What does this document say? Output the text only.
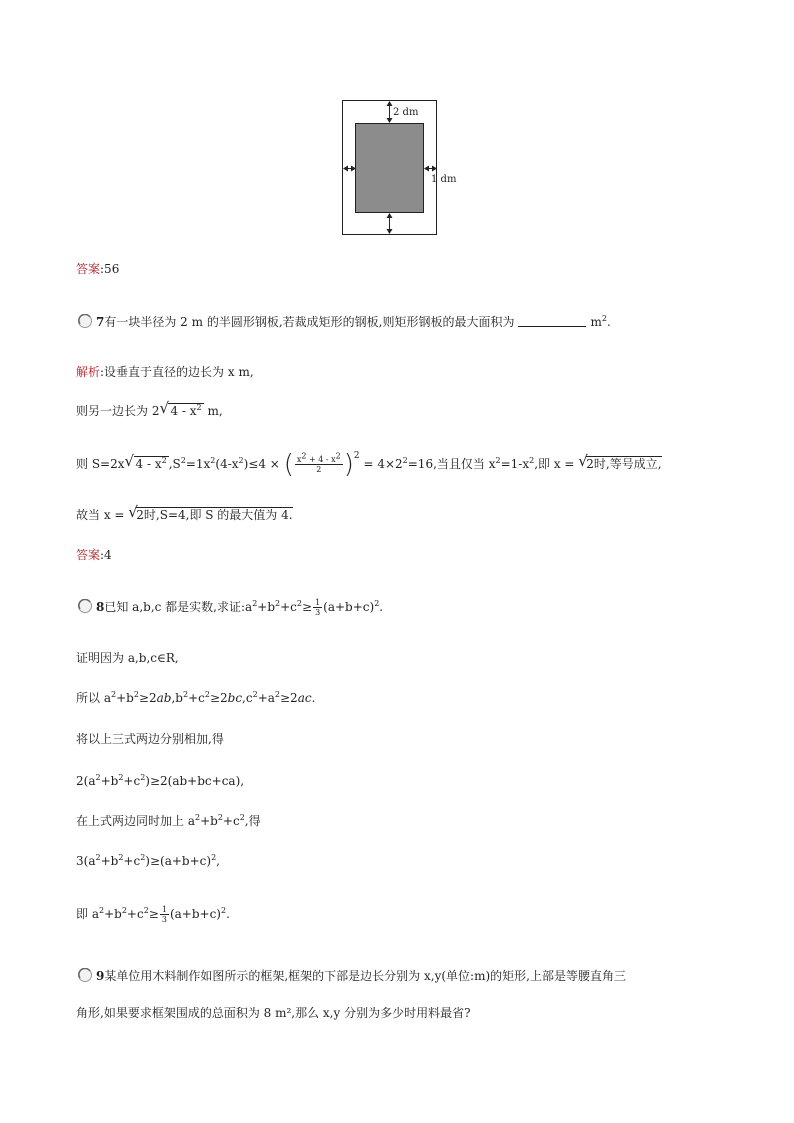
2 dm
1 dm
答案:56
7有一块半径为 2 m 的半圆形钢板,若裁成矩形的钢板,则矩形钢板的最大面积为	$m^2$.
解析:设垂直于直径的边长为 x m,
则另一边长为 2 √ $4 - x^2$ m,
则 S=2x √ $4 - x^2$ $,S^2=1x^2(4-x^2)\le 4$ × ( $\frac{x^2 + 4 - x^2}{2} )^2 = 4\times 2^2=16$,当且仅当 $x^2=1-x^2$,即 x = √
2时,等号成立,
故当 x = √
2时,S=4,即 S 的最大值为 4.
答案:4
8已知 a,b,c 都是实数,求证$:a^2+b^2+c^2\ge \frac{1}{3} (a+b+c)^2$.
证明因为 a,b,c∈R,
所以 $a^2+b^2\ge 2ab,b^2+c^2\ge 2bc,c^2+a^2\ge 2ac$.
将以上三式两边分别相加,得
$2(a^2+b^2+c^2)\ge 2(ab+bc+ca)$,
在上式两边同时加上 $a^2+b^2+c^2$,得
$3(a^2+b^2+c^2)\ge(a+b+c)^2$,
即 $a^2+b^2+c^2\ge \frac{1}{3} (a+b+c)^2$.
9某单位用木料制作如图所示的框架,框架的下部是边长分别为 x,y(单位:m)的矩形,上部是等腰直角三
角形,如果要求框架围成的总面积为 8 m²,那么 x,y 分别为多少时用料最省?
